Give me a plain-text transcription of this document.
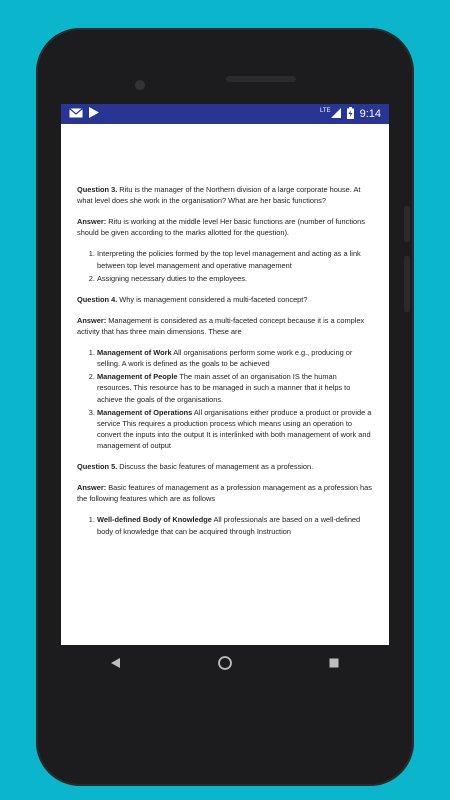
LTE	9:14

Question 3. Ritu is the manager of the Northern division of a large corporate house. At what level does she work in the organisation? What are her basic functions?

Answer: Ritu is working at the middle level Her basic functions are (number of functions should be given according to the marks allotted for the question).

1. Interpreting the policies formed by the top level management and acting as a link between top level management and operative management
2. Assigning necessary duties to the employees.

Question 4. Why is management considered a multi-faceted concept?

Answer: Management is considered as a multi-faceted concept because it is a complex activity that has three main dimensions. These are

1. Management of Work All organisations perform some work e.g., producing or selling. A work is defined as the goals to be achieved
2. Management of People The main asset of an organisation IS the human resources. This resource has to be managed in such a manner that it helps to achieve the goals of the organisations.
3. Management of Operations All organisations either produce a product or provide a service This requires a production process which means using an operation to convert the inputs into the output It is interlinked with both management of work and management of output

Question 5. Discuss the basic features of management as a profession.

Answer: Basic features of management as a profession management as a profession has the following features which are as follows

1. Well-defined Body of Knowledge All professionals are based on a well-defined body of knowledge that can be acquired through Instruction
